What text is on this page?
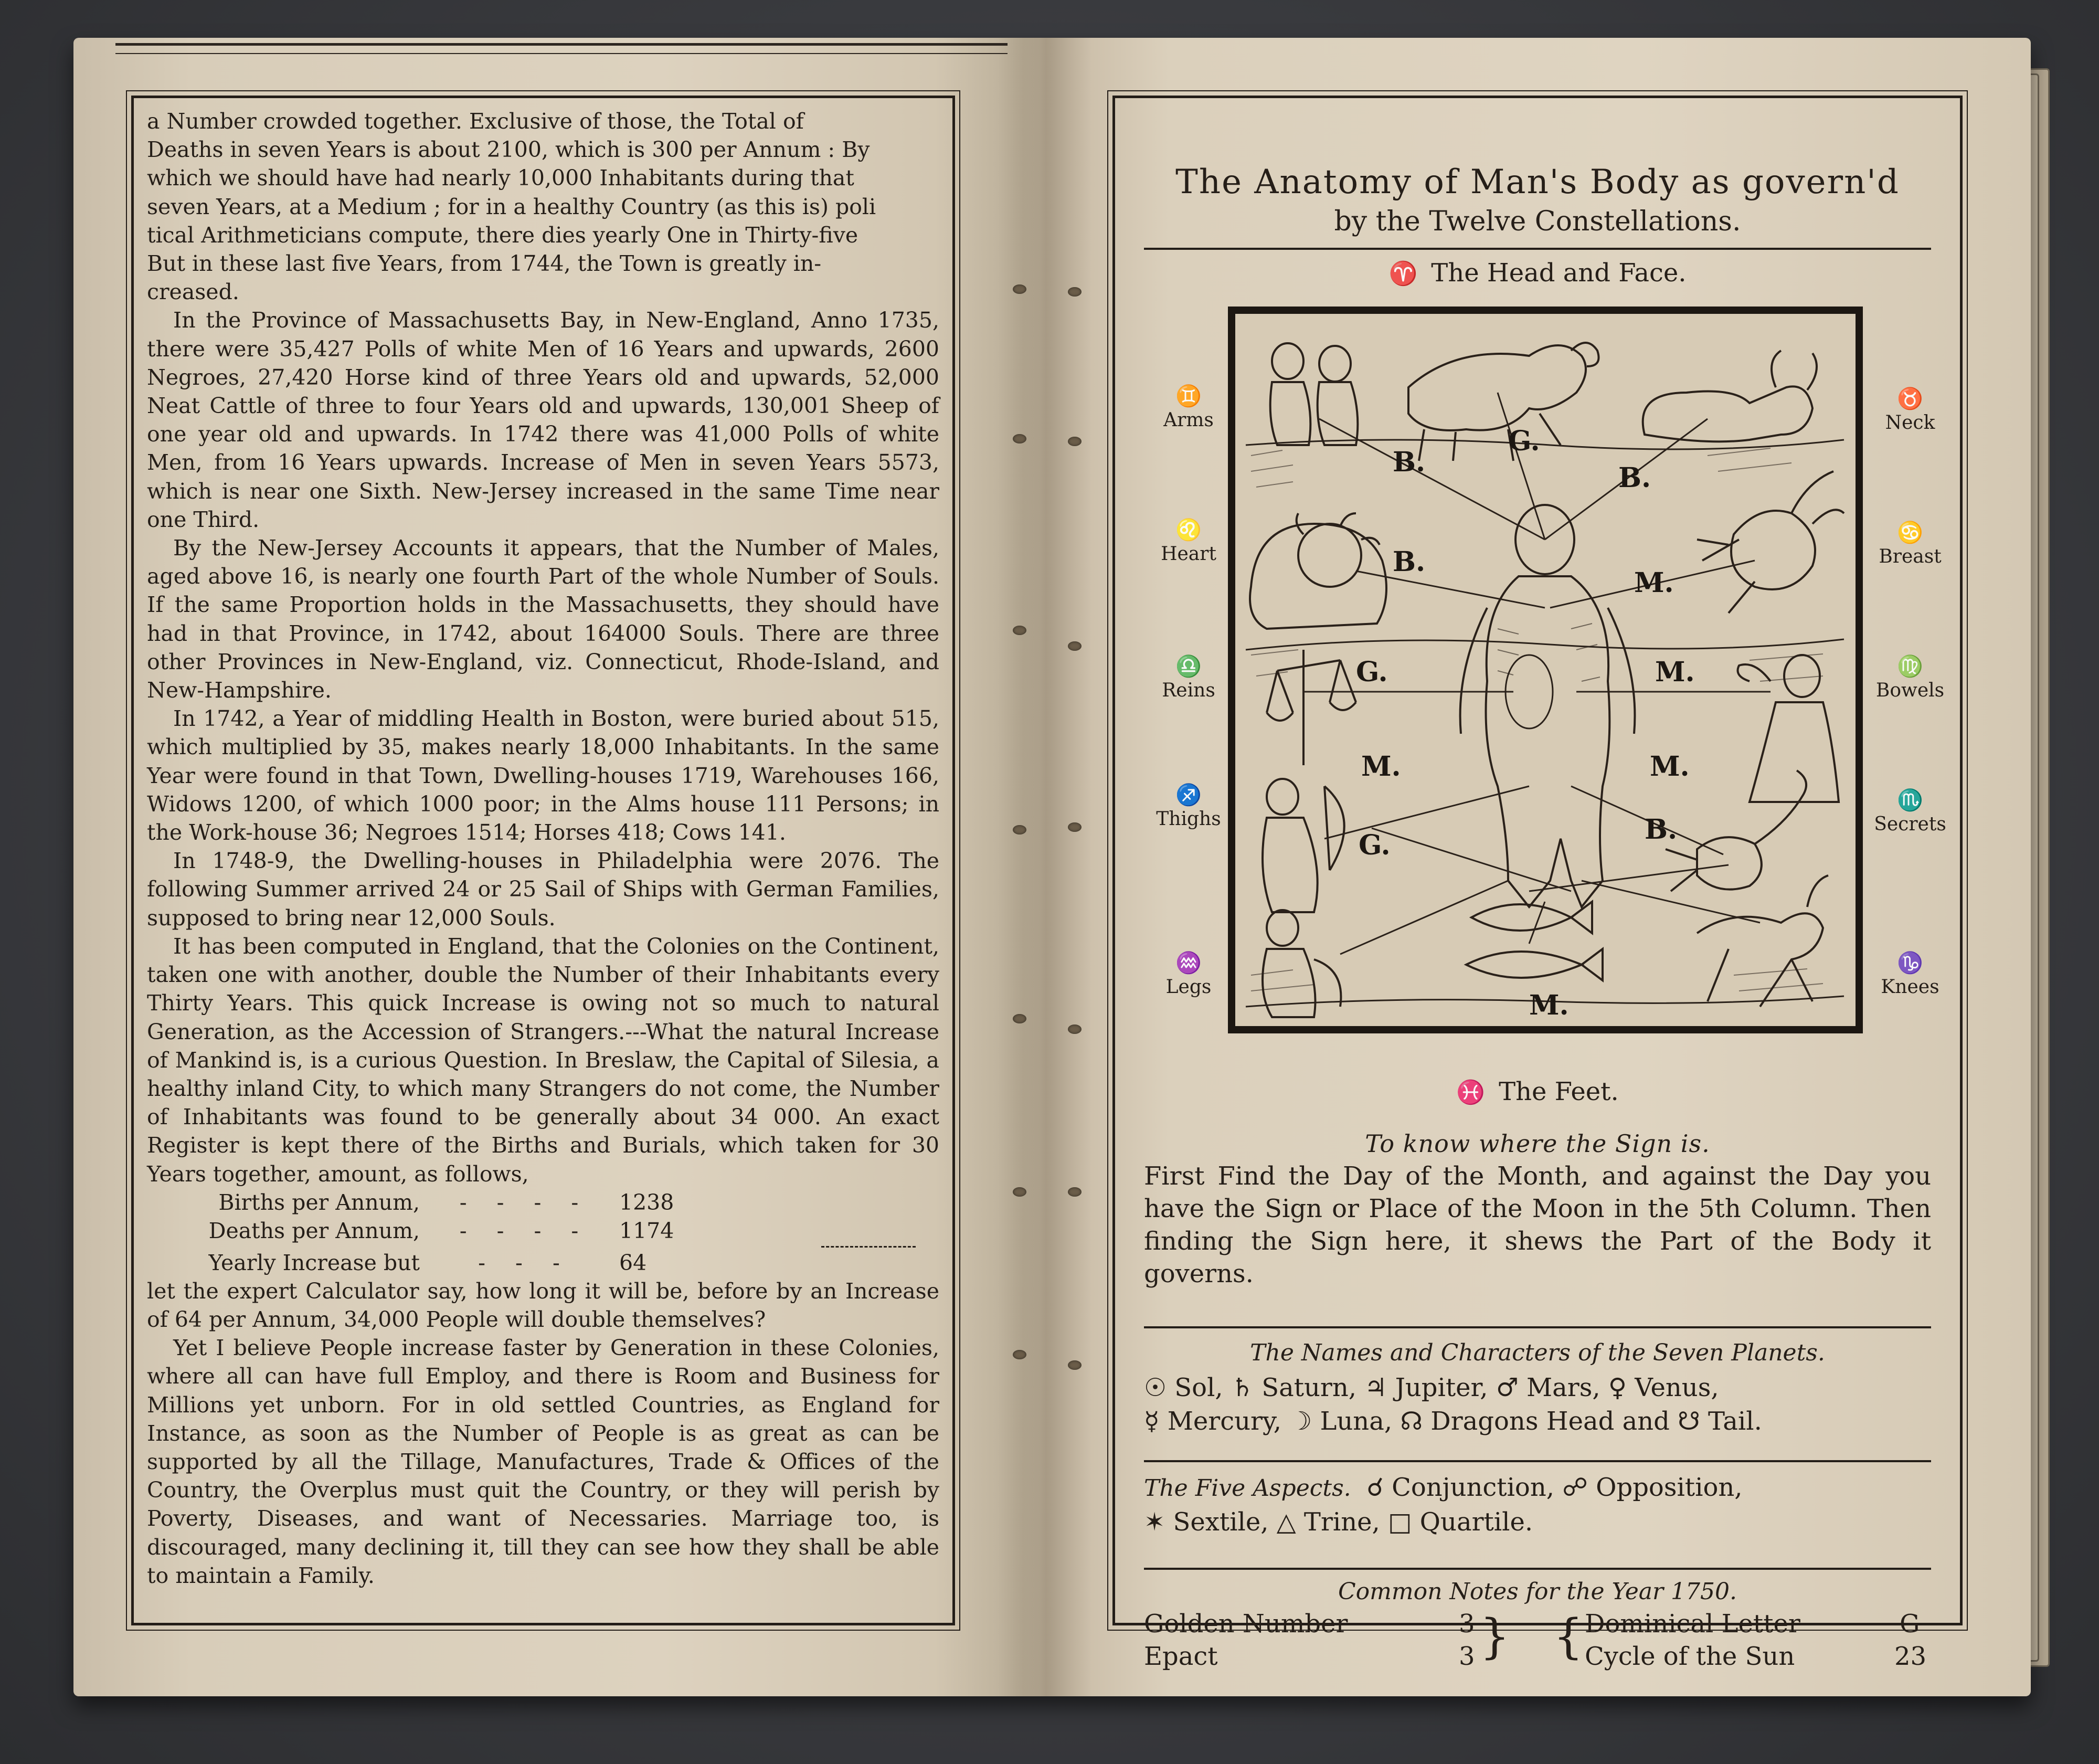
a Number crowded together. Exclusive of those, the Total of

Deaths in seven Years is about 2100, which is 300 per Annum : By

which we should have had nearly 10,000 Inhabitants during that

seven Years, at a Medium ; for in a healthy Country (as this is) poli

tical Arithmeticians compute, there dies yearly One in Thirty-five

But in these last five Years, from 1744, the Town is greatly in-

creased.

In the Province of Massachusetts Bay, in New-England, Anno 1735, there were 35,427 Polls of white Men of 16 Years and upwards, 2600 Negroes, 27,420 Horse kind of three Years old and upwards, 52,000 Neat Cattle of three to four Years old and upwards, 130,001 Sheep of one year old and upwards. In 1742 there was 41,000 Polls of white Men, from 16 Years upwards. Increase of Men in seven Years 5573, which is near one Sixth. New-Jersey increased in the same Time near one Third.

By the New-Jersey Accounts it appears, that the Number of Males, aged above 16, is nearly one fourth Part of the whole Number of Souls. If the same Proportion holds in the Massachusetts, they should have had in that Province, in 1742, about 164000 Souls. There are three other Provinces in New-England, viz. Connecticut, Rhode-Island, and New-Hampshire.

In 1742, a Year of middling Health in Boston, were buried about 515, which multiplied by 35, makes nearly 18,000 Inhabitants. In the same Year were found in that Town, Dwelling-houses 1719, Warehouses 166, Widows 1200, of which 1000 poor; in the Alms house 111 Persons; in the Work-house 36; Negroes 1514; Horses 418; Cows 141.

In 1748-9, the Dwelling-houses in Philadelphia were 2076. The following Summer arrived 24 or 25 Sail of Ships with German Families, supposed to bring near 12,000 Souls.

It has been computed in England, that the Colonies on the Continent, taken one with another, double the Number of their Inhabitants every Thirty Years. This quick Increase is owing not so much to natural Generation, as the Accession of Strangers.---What the natural Increase of Mankind is, is a curious Question. In Breslaw, the Capital of Silesia, a healthy inland City, to which many Strangers do not come, the Number of Inhabitants was found to be generally about 34 000. An exact Register is kept there of the Births and Burials, which taken for 30 Years together, amount, as follows,

Births per Annum,	- - - -	1238
Deaths per Annum,	- - - -	1174
Yearly Increase but	- - -	64

let the expert Calculator say, how long it will be, before by an Increase of 64 per Annum, 34,000 People will double themselves?

Yet I believe People increase faster by Generation in these Colonies, where all can have full Employ, and there is Room and Business for Millions yet unborn. For in old settled Countries, as England for Instance, as soon as the Number of People is as great as can be supported by all the Tillage, Manufactures, Trade & Offices of the Country, the Overplus must quit the Country, or they will perish by Poverty, Diseases, and want of Necessaries. Marriage too, is discouraged, many declining it, till they can see how they shall be able to maintain a Family.

The Anatomy of Man's Body as govern'd
by the Twelve Constellations.
♈ The Head and Face.
♊
Arms
♌
Heart
♎
Reins
♐
Thighs
♒
Legs
♉
Neck
♋
Breast
♍
Bowels
♏
Secrets
♑
Knees
B.
G.
B.
B.
M.
G.	M.
M.	M.
B.
G.
M.
♓ The Feet.
To know where the Sign is.
First Find the Day of the Month, and against the Day you have the Sign or Place of the Moon in the 5th Column. Then finding the Sign here, it shews the Part of the Body it governs.
The Names and Characters of the Seven Planets.
☉ Sol, ♄ Saturn, ♃ Jupiter, ♂ Mars, ♀ Venus,
☿ Mercury, ☽ Luna, ☊ Dragons Head and ☋ Tail.
The Five Aspects. ☌ Conjunction, ☍ Opposition,
✶ Sextile, △ Trine, □ Quartile.
Common Notes for the Year 1750.
Golden Number	3 } { Dominical Letter	G
Epact	3	Cycle of the Sun	23
